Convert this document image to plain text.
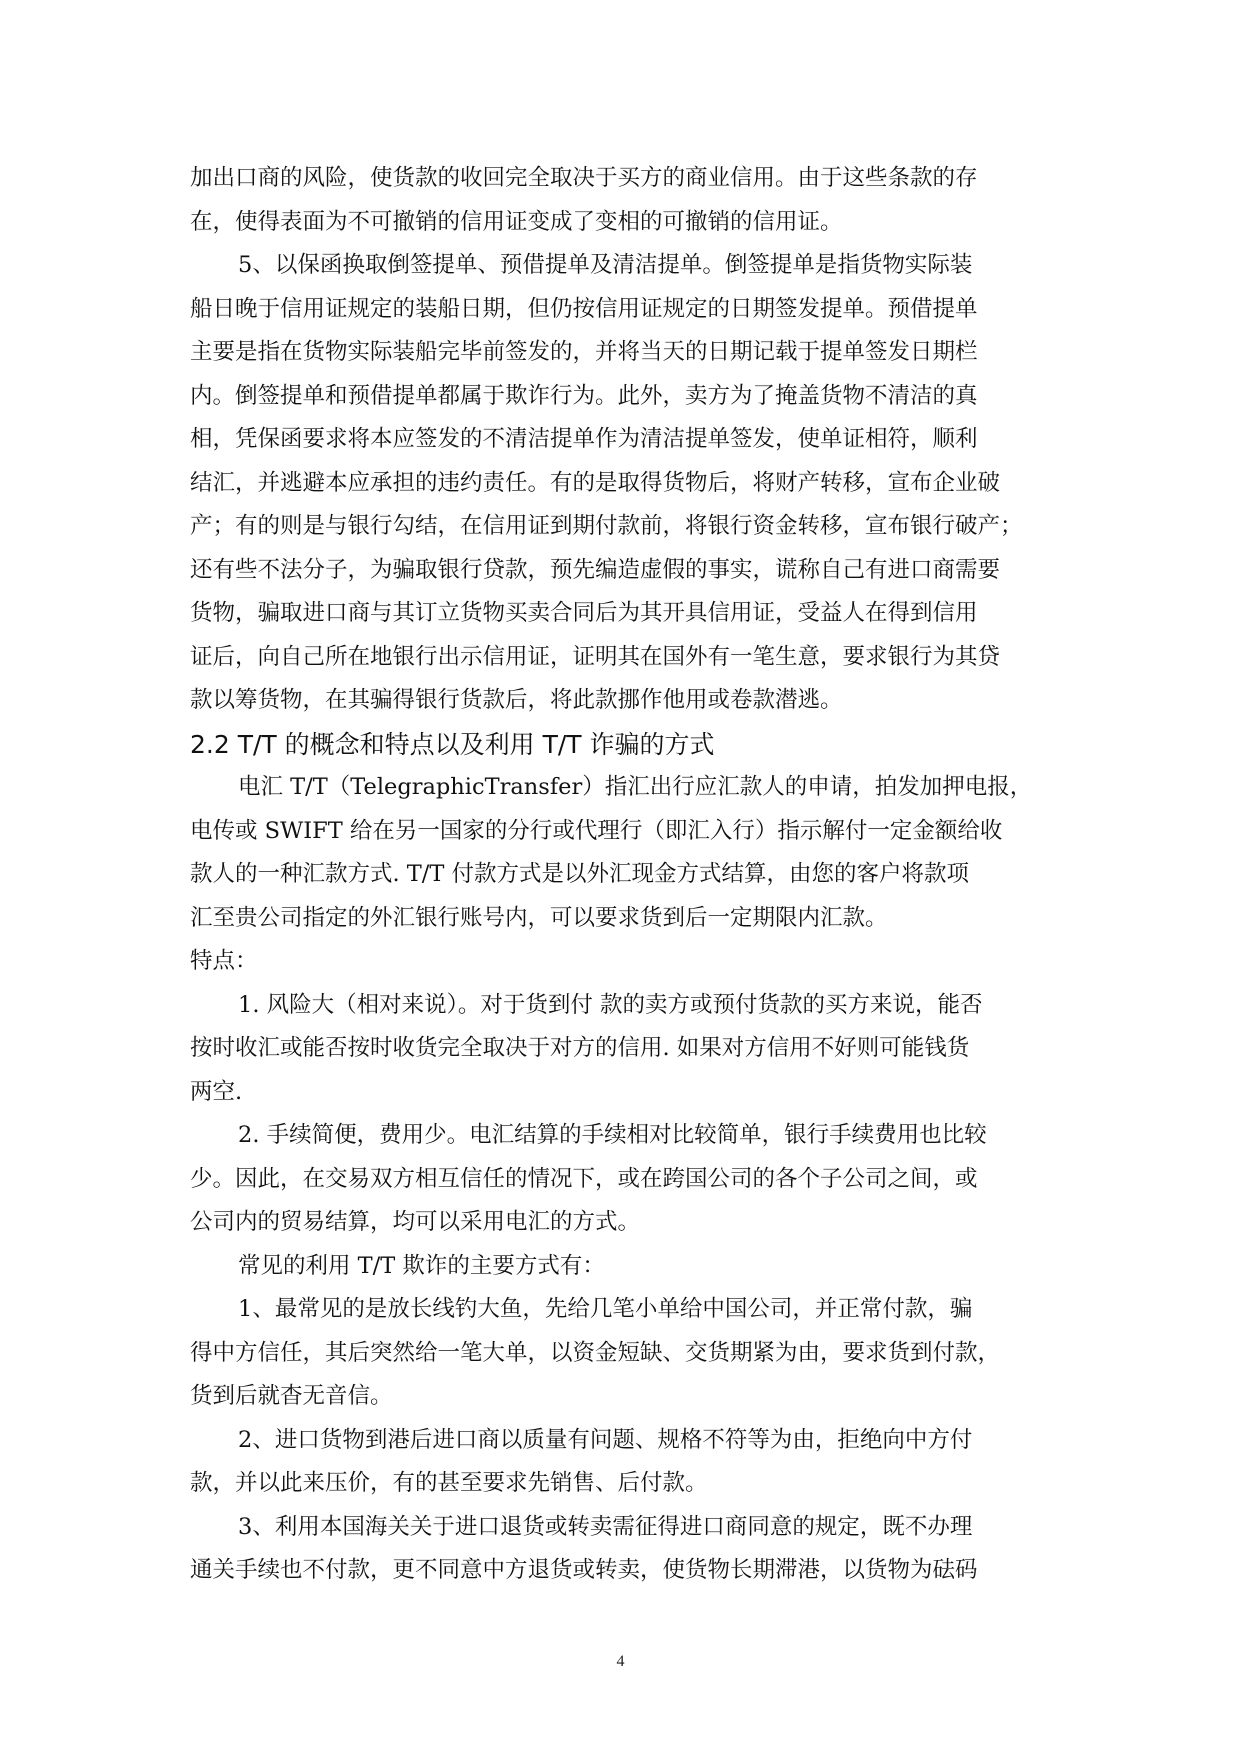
加出口商的风险，使货款的收回完全取决于买方的商业信用。由于这些条款的存
在，使得表面为不可撤销的信用证变成了变相的可撤销的信用证。
5、以保函换取倒签提单、预借提单及清洁提单。倒签提单是指货物实际装
船日晚于信用证规定的装船日期，但仍按信用证规定的日期签发提单。预借提单
主要是指在货物实际装船完毕前签发的，并将当天的日期记载于提单签发日期栏
内。倒签提单和预借提单都属于欺诈行为。此外，卖方为了掩盖货物不清洁的真
相，凭保函要求将本应签发的不清洁提单作为清洁提单签发，使单证相符，顺利
结汇，并逃避本应承担的违约责任。有的是取得货物后，将财产转移，宣布企业破
产；有的则是与银行勾结，在信用证到期付款前，将银行资金转移，宣布银行破产；
还有些不法分子，为骗取银行贷款，预先编造虚假的事实，谎称自己有进口商需要
货物，骗取进口商与其订立货物买卖合同后为其开具信用证，受益人在得到信用
证后，向自己所在地银行出示信用证，证明其在国外有一笔生意，要求银行为其贷
款以筹货物，在其骗得银行货款后，将此款挪作他用或卷款潜逃。
2.2 T/T 的概念和特点以及利用 T/T 诈骗的方式
电汇 T/T（TelegraphicTransfer）指汇出行应汇款人的申请，拍发加押电报，
电传或 SWIFT 给在另一国家的分行或代理行（即汇入行）指示解付一定金额给收
款人的一种汇款方式. T/T 付款方式是以外汇现金方式结算，由您的客户将款项
汇至贵公司指定的外汇银行账号内，可以要求货到后一定期限内汇款。
特点：
1. 风险大（相对来说）。对于货到付 款的卖方或预付货款的买方来说，能否
按时收汇或能否按时收货完全取决于对方的信用. 如果对方信用不好则可能钱货
两空.
2. 手续简便，费用少。电汇结算的手续相对比较简单，银行手续费用也比较
少。因此，在交易双方相互信任的情况下，或在跨国公司的各个子公司之间，或
公司内的贸易结算，均可以采用电汇的方式。
常见的利用 T/T 欺诈的主要方式有：
1、最常见的是放长线钓大鱼，先给几笔小单给中国公司，并正常付款，骗
得中方信任，其后突然给一笔大单，以资金短缺、交货期紧为由，要求货到付款，
货到后就杳无音信。
2、进口货物到港后进口商以质量有问题、规格不符等为由，拒绝向中方付
款，并以此来压价，有的甚至要求先销售、后付款。
3、利用本国海关关于进口退货或转卖需征得进口商同意的规定，既不办理
通关手续也不付款，更不同意中方退货或转卖，使货物长期滞港，以货物为砝码
4
